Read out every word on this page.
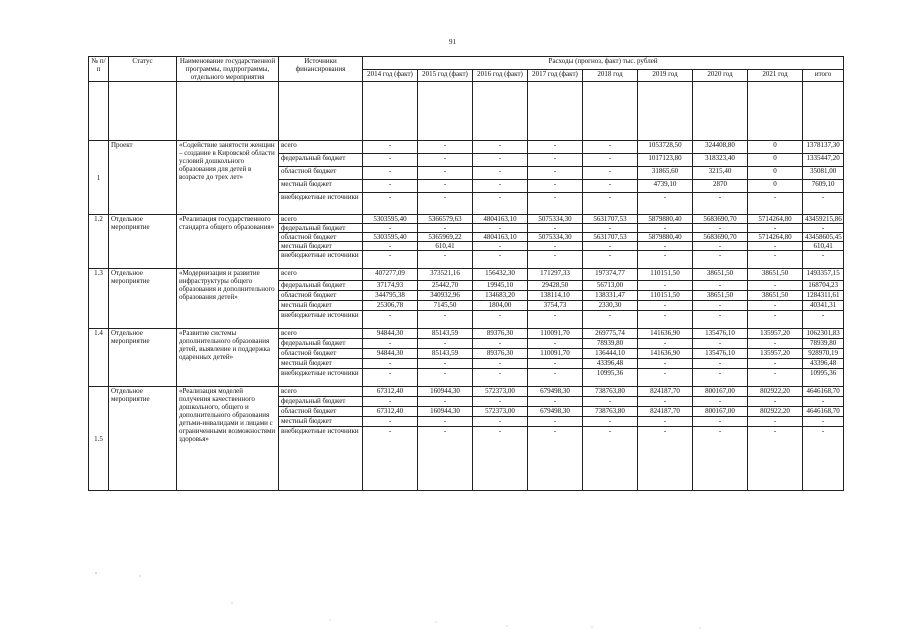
91
№ п/п	Статус	Наименование государственной программы, подпрограммы, отдельного мероприятия	Источники финансирования	Расходы (прогноз, факт) тыс. рублей								
				2014 год (факт)	2015 год (факт)	2016 год (факт)	2017 год (факт)	2018 год	2019 год	2020 год	2021 год	итого

1	Проект	«Содействие занятости женщин – создание в Кировской области условий дошкольного образования для детей в возрасте до трех лет»	всего	-	-	-	-	-	1053728,50	324408,80	0	1378137,30
			федеральный бюджет	-	-	-	-	-	1017123,80	318323,40	0	1335447,20
			областной бюджет	-	-	-	-	-	31865,60	3215,40	0	35081,00
			местный бюджет	-	-	-	-	-	4739,10	2870	0	7609,10
			внебюджетные источники	-	-	-	-	-	-	-	-	-
1.2	Отдельное мероприятие	«Реализация государственного стандарта общего образования»	всего	5303595,40	5366579,63	4804163,10	5075334,30	5631707,53	5879880,40	5683690,70	5714264,80	43459215,86
			федеральный бюджет	-	-	-	-	-	-	-	-	-
			областной бюджет	5303595,40	5365969,22	4804163,10	5075334,30	5631707,53	5879880,40	5683690,70	5714264,80	43458605,45
			местный бюджет	-	610,41	-	-	-	-	-	-	610,41
			внебюджетные источники	-	-	-	-	-	-	-	-	-
1.3	Отдельное мероприятие	«Модернизация и развитие инфраструктуры общего образования и дополнительного образования детей»	всего	407277,09	373521,16	156432,30	171297,33	197374,77	110151,50	38651,50	38651,50	1493357,15
			федеральный бюджет	37174,93	25442,70	19945,10	29428,50	56713,00	-	-	-	168704,23
			областной бюджет	344795,38	340932,96	134683,20	138114,10	138331,47	110151,50	38651,50	38651,50	1284311,61
			местный бюджет	25306,78	7145,50	1804,00	3754,73	2330,30	-	-	-	40341,31
			внебюджетные источники	-	-	-	-	-	-	-	-	-
1.4	Отдельное мероприятие	«Развитие системы дополнительного образования детей, выявление и поддержка одаренных детей»	всего	94844,30	85143,59	89376,30	110091,70	269775,74	141636,90	135476,10	135957,20	1062301,83
			федеральный бюджет	-	-	-	-	78939,80	-	-	-	78939,80
			областной бюджет	94844,30	85143,59	89376,30	110091,70	136444,10	141636,90	135476,10	135957,20	928970,19
			местный бюджет	-	-	-	-	43396,48	-	-	-	43396,48
			внебюджетные источники	-	-	-	-	10995,36	-	-	-	10995,36
1.5	Отдельное мероприятие	«Реализация моделей получения качественного дошкольного, общего и дополнительного образования детьми-инвалидами и лицами с ограниченными возможностями здоровья»	всего	67312,40	160944,30	572373,00	679498,30	738763,80	824187,70	800167,00	802922,20	4646168,70
			федеральный бюджет	-	-	-	-	-	-	-	-	-
			областной бюджет	67312,40	160944,30	572373,00	679498,30	738763,80	824187,70	800167,00	802922,20	4646168,70
			местный бюджет	-	-	-	-	-	-	-	-	-
			внебюджетные источники	-	-	-	-	-	-	-	-	-
